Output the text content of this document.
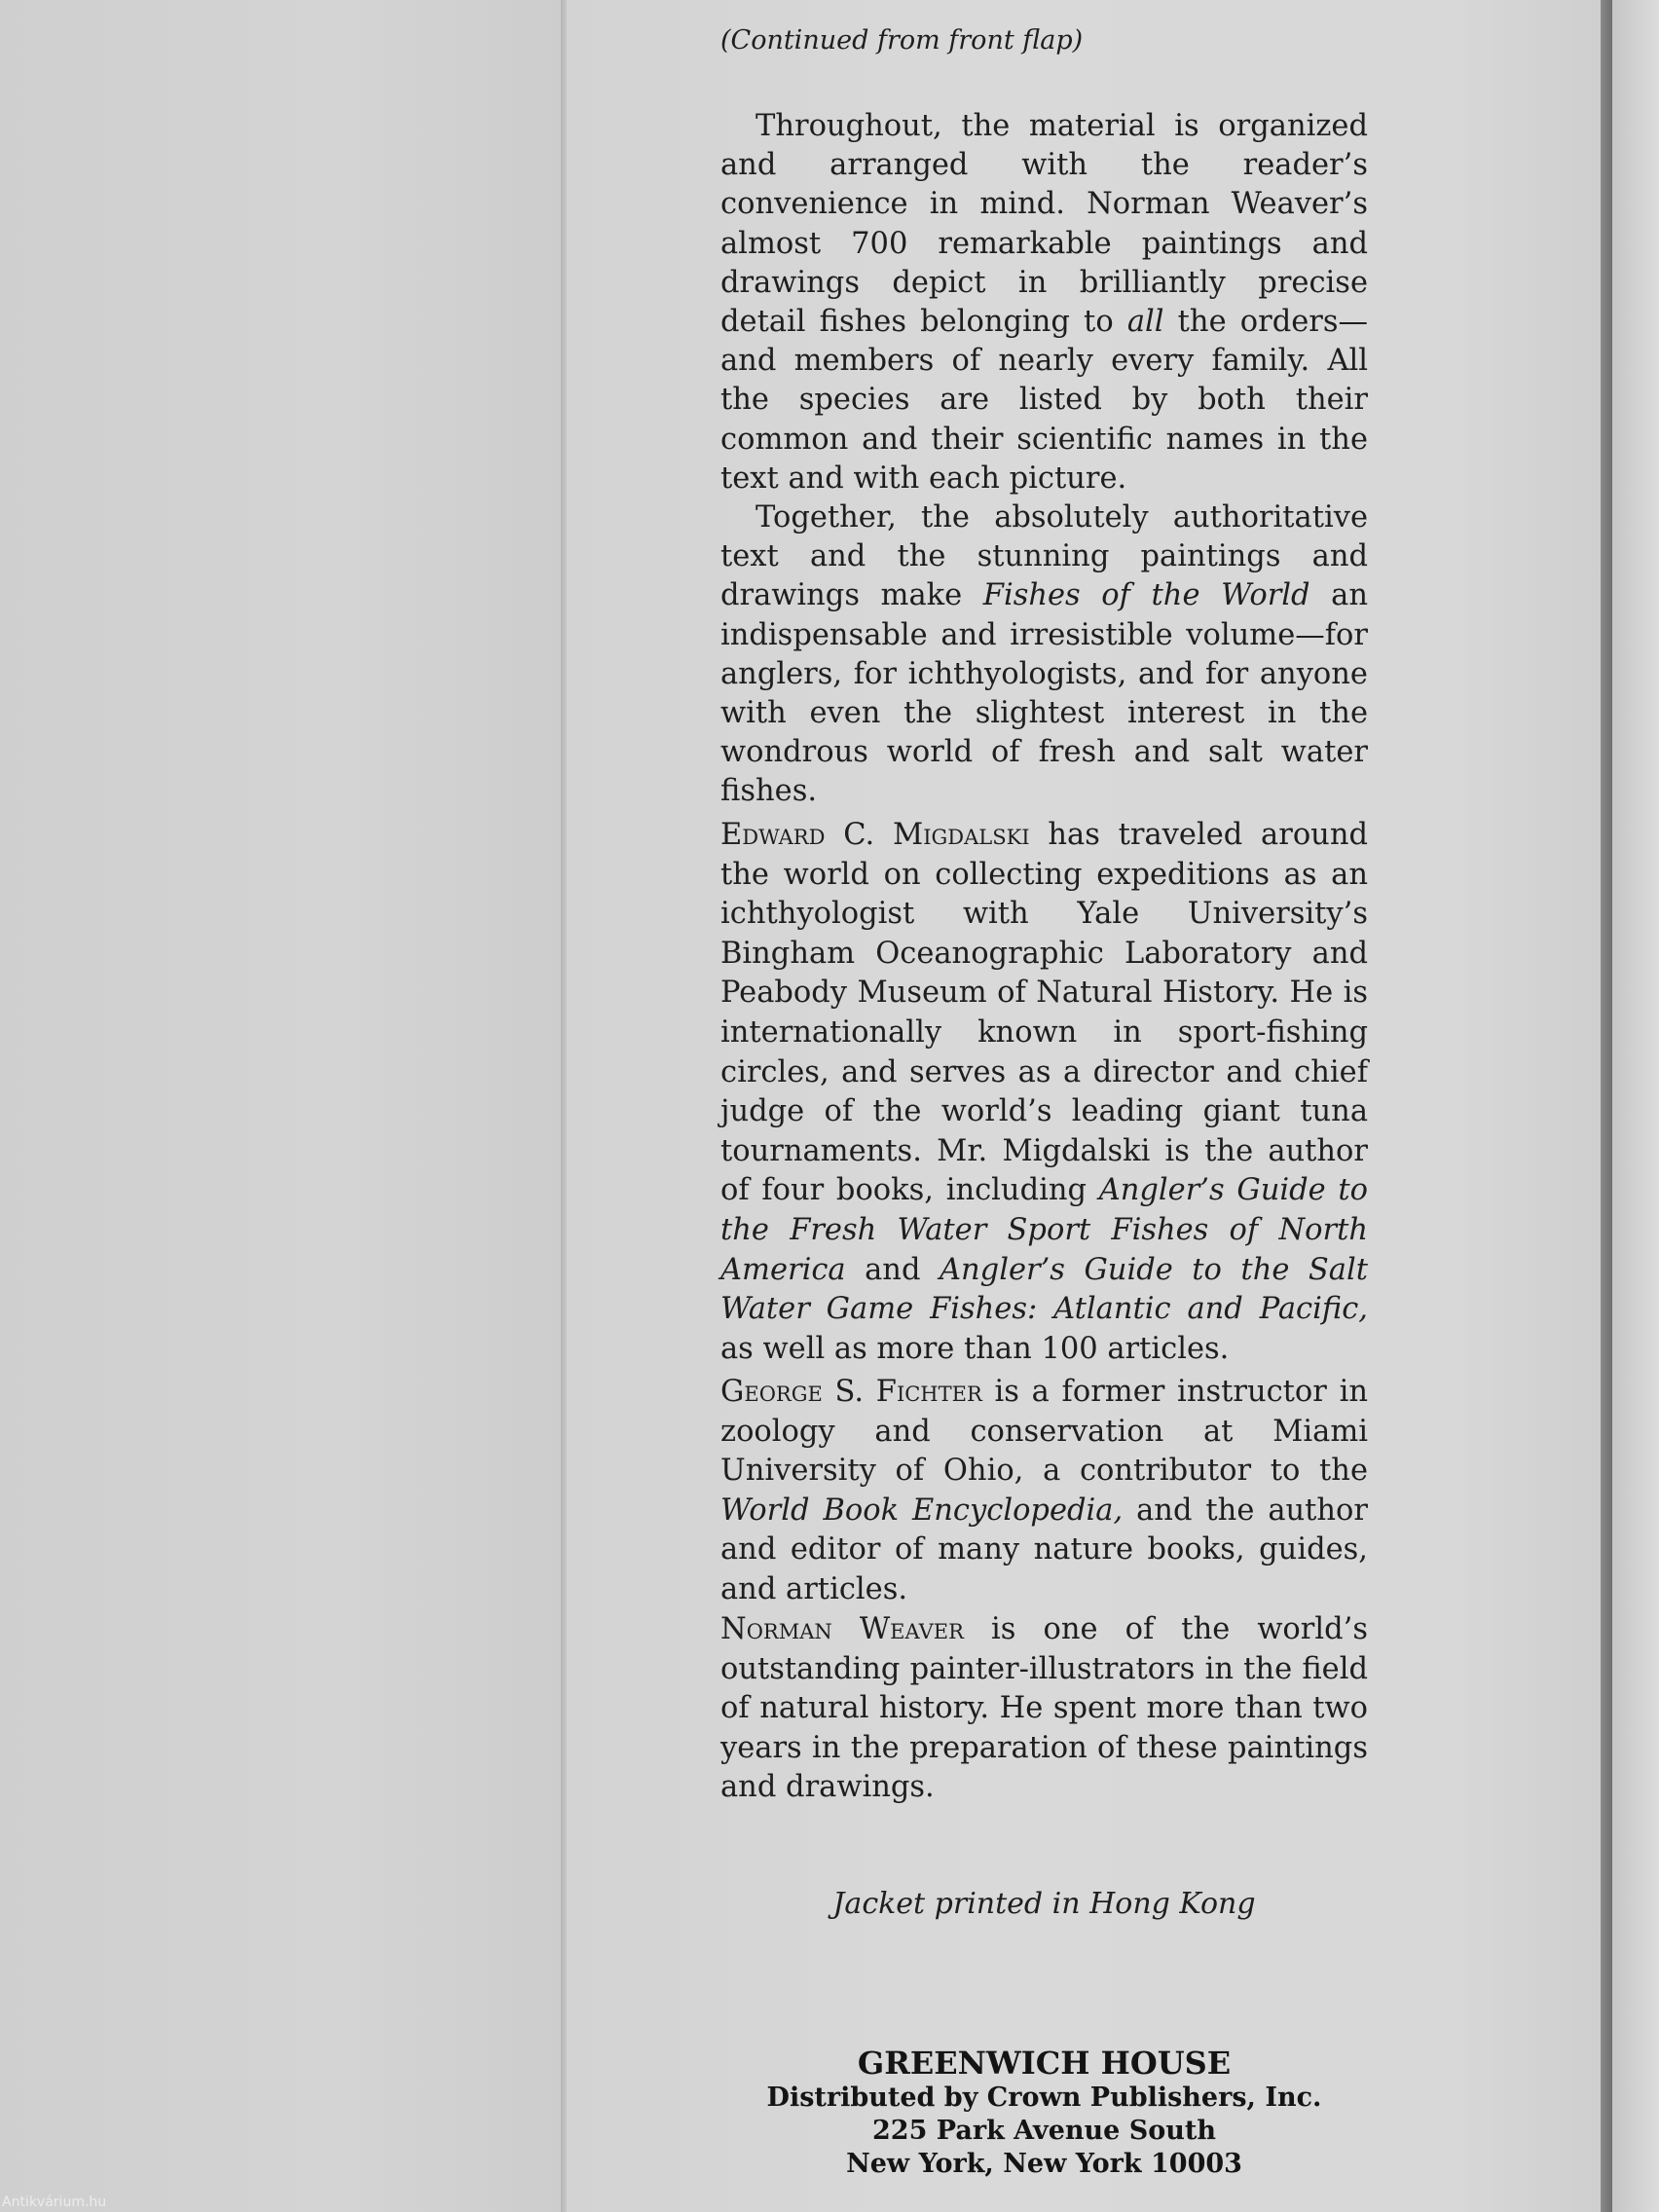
(Continued from front flap)

Throughout, the material is organized and arranged with the reader’s convenience in mind. Norman Weaver’s almost 700 remarkable paintings and drawings depict in brilliantly precise detail fishes belonging to all the orders—and members of nearly every family. All the species are listed by both their common and their scientific names in the text and with each picture.

Together, the absolutely authoritative text and the stunning paintings and drawings make Fishes of the World an indispensable and irresistible volume—for anglers, for ichthyologists, and for anyone with even the slightest interest in the wondrous world of fresh and salt water fishes.

Edward C. Migdalski has traveled around the world on collecting expeditions as an ichthyologist with Yale University’s Bingham Oceanographic Laboratory and Peabody Museum of Natural History. He is internationally known in sport-fishing circles, and serves as a director and chief judge of the world’s leading giant tuna tournaments. Mr. Migdalski is the author of four books, including Angler’s Guide to the Fresh Water Sport Fishes of North America and Angler’s Guide to the Salt Water Game Fishes: Atlantic and Pacific, as well as more than 100 articles.

George S. Fichter is a former instructor in zoology and conservation at Miami University of Ohio, a contributor to the World Book Encyclopedia, and the author and editor of many nature books, guides, and articles.

Norman Weaver is one of the world’s outstanding painter-illustrators in the field of natural history. He spent more than two years in the preparation of these paintings and drawings.

Jacket printed in Hong Kong
GREENWICH HOUSE
Distributed by Crown Publishers, Inc.
225 Park Avenue South
New York, New York 10003
Antikvárium.hu
